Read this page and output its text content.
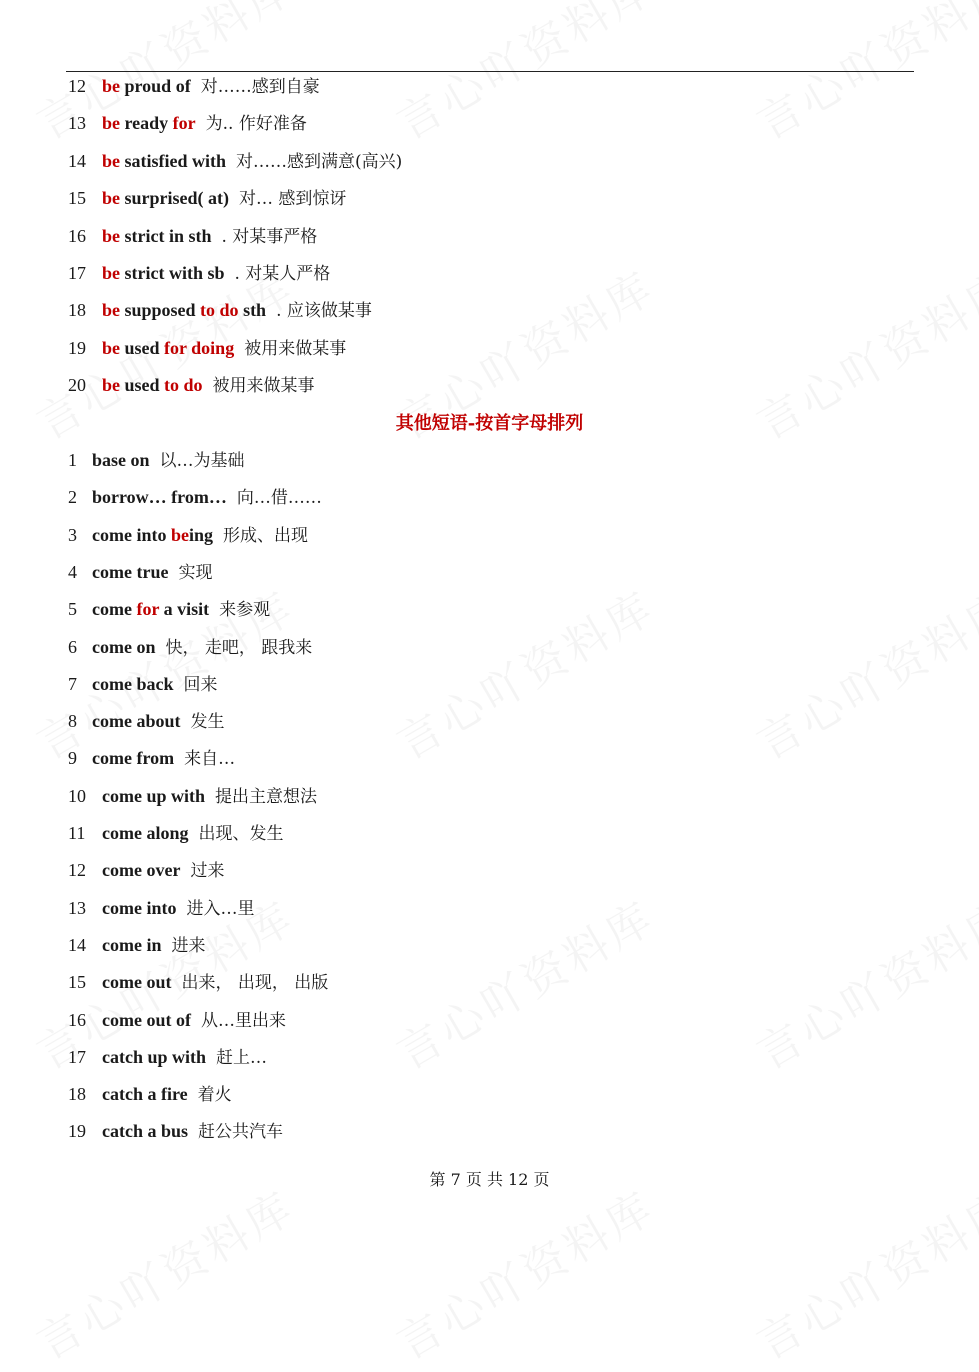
12 be proud of 对……感到自豪
13 be ready for 为.. 作好准备
14 be satisfied with 对……感到满意(高兴)
15 be surprised( at) 对… 感到惊讶
16 be strict in sth . 对某事严格
17 be strict with sb . 对某人严格
18 be supposed to do sth . 应该做某事
19 be used for doing 被用来做某事
20 be used to do 被用来做某事
其他短语-按首字母排列
1 base on 以…为基础
2 borrow… from… 向…借……
3 come into being 形成、出现
4 come true 实现
5 come for a visit 来参观
6 come on 快， 走吧， 跟我来
7 come back 回来
8 come about 发生
9 come from 来自…
10 come up with 提出主意想法
11 come along 出现、发生
12 come over 过来
13 come into 进入…里
14 come in 进来
15 come out 出来， 出现， 出版
16 come out of 从…里出来
17 catch up with 赶上…
18 catch a fire 着火
19 catch a bus 赶公共汽车
第 7 页 共 12 页
